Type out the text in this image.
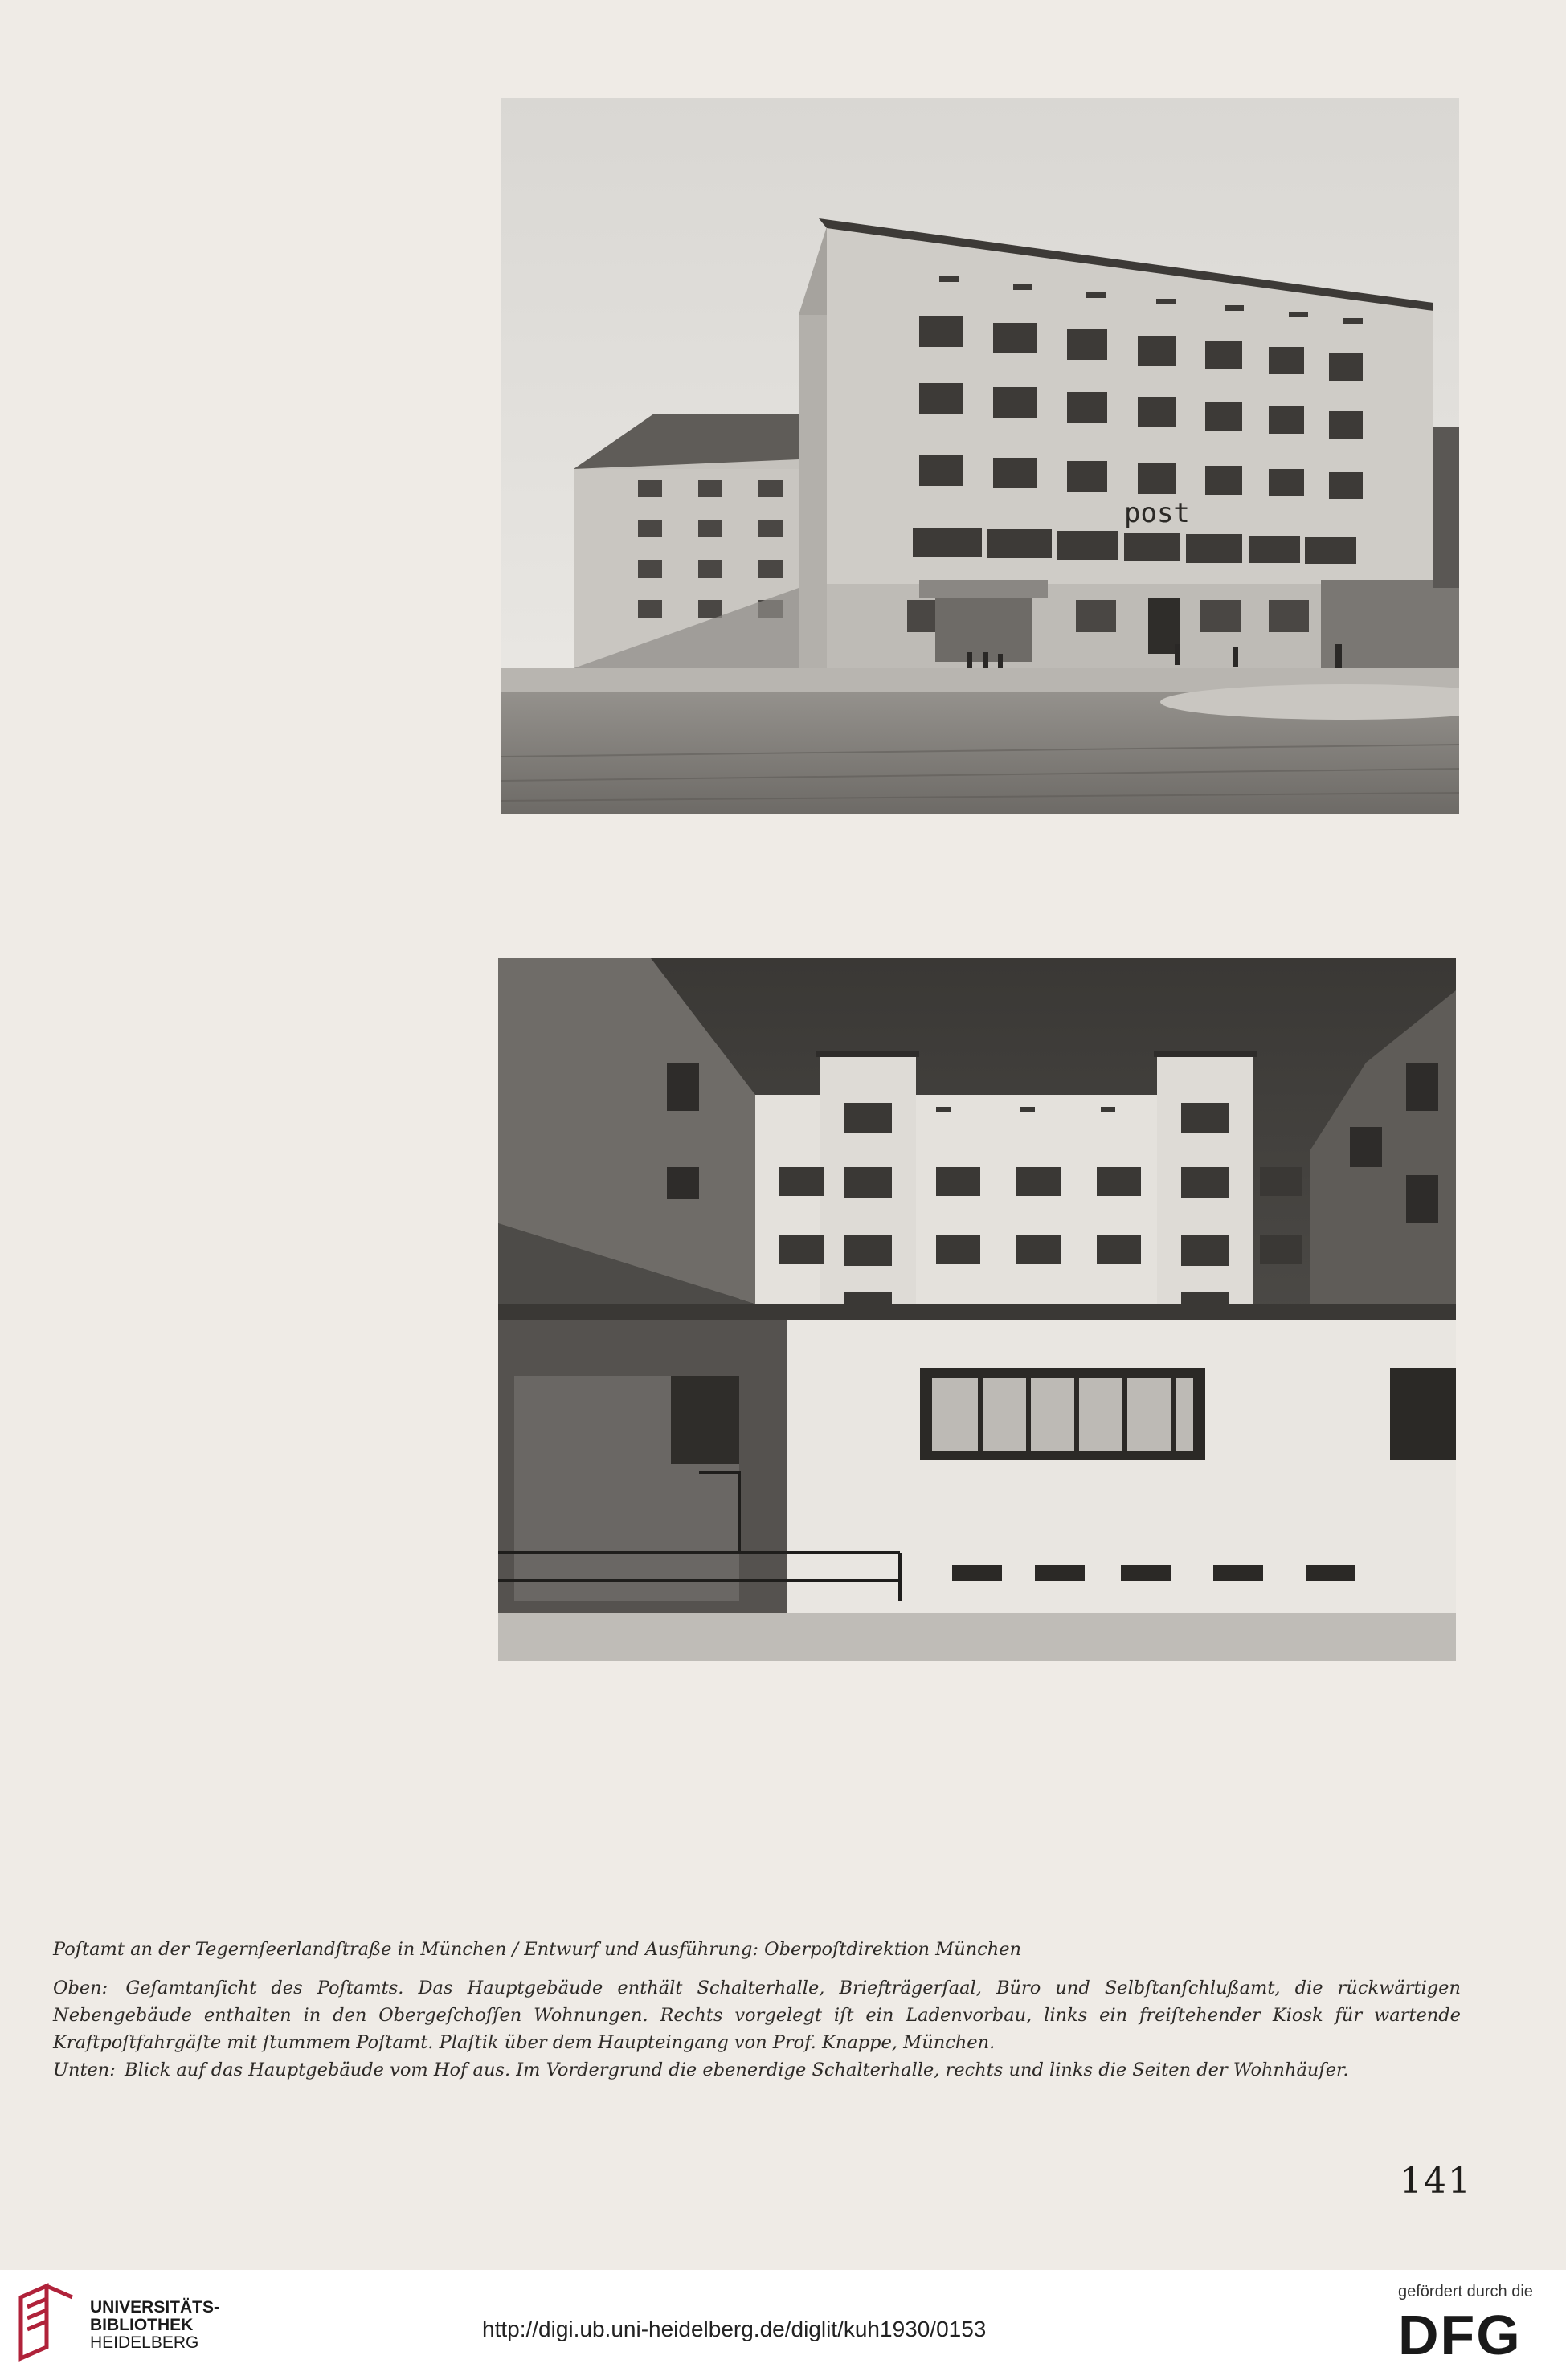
post
Poſtamt an der Tegernſeerlandſtraße in München / Entwurf und Ausführung: Oberpoſtdirektion München
Oben: Geſamtanſicht des Poſtamts. Das Hauptgebäude enthält Schalterhalle, Briefträgerſaal, Büro und Selbſtanſchlußamt, die rückwärtigen Nebengebäude enthalten in den Obergeſchoſſen Wohnungen. Rechts vorgelegt iſt ein Ladenvorbau, links ein freiſtehender Kiosk für wartende Kraftpoſtfahrgäſte mit ſtummem Poſtamt. Plaſtik über dem Haupteingang von Prof. Knappe, München.
Unten: Blick auf das Hauptgebäude vom Hof aus. Im Vordergrund die ebenerdige Schalterhalle, rechts und links die Seiten der Wohnhäuſer.
141
UNIVERSITÄTS-
BIBLIOTHEK
HEIDELBERG
http://digi.ub.uni-heidelberg.de/diglit/kuh1930/0153
gefördert durch die
DFG
